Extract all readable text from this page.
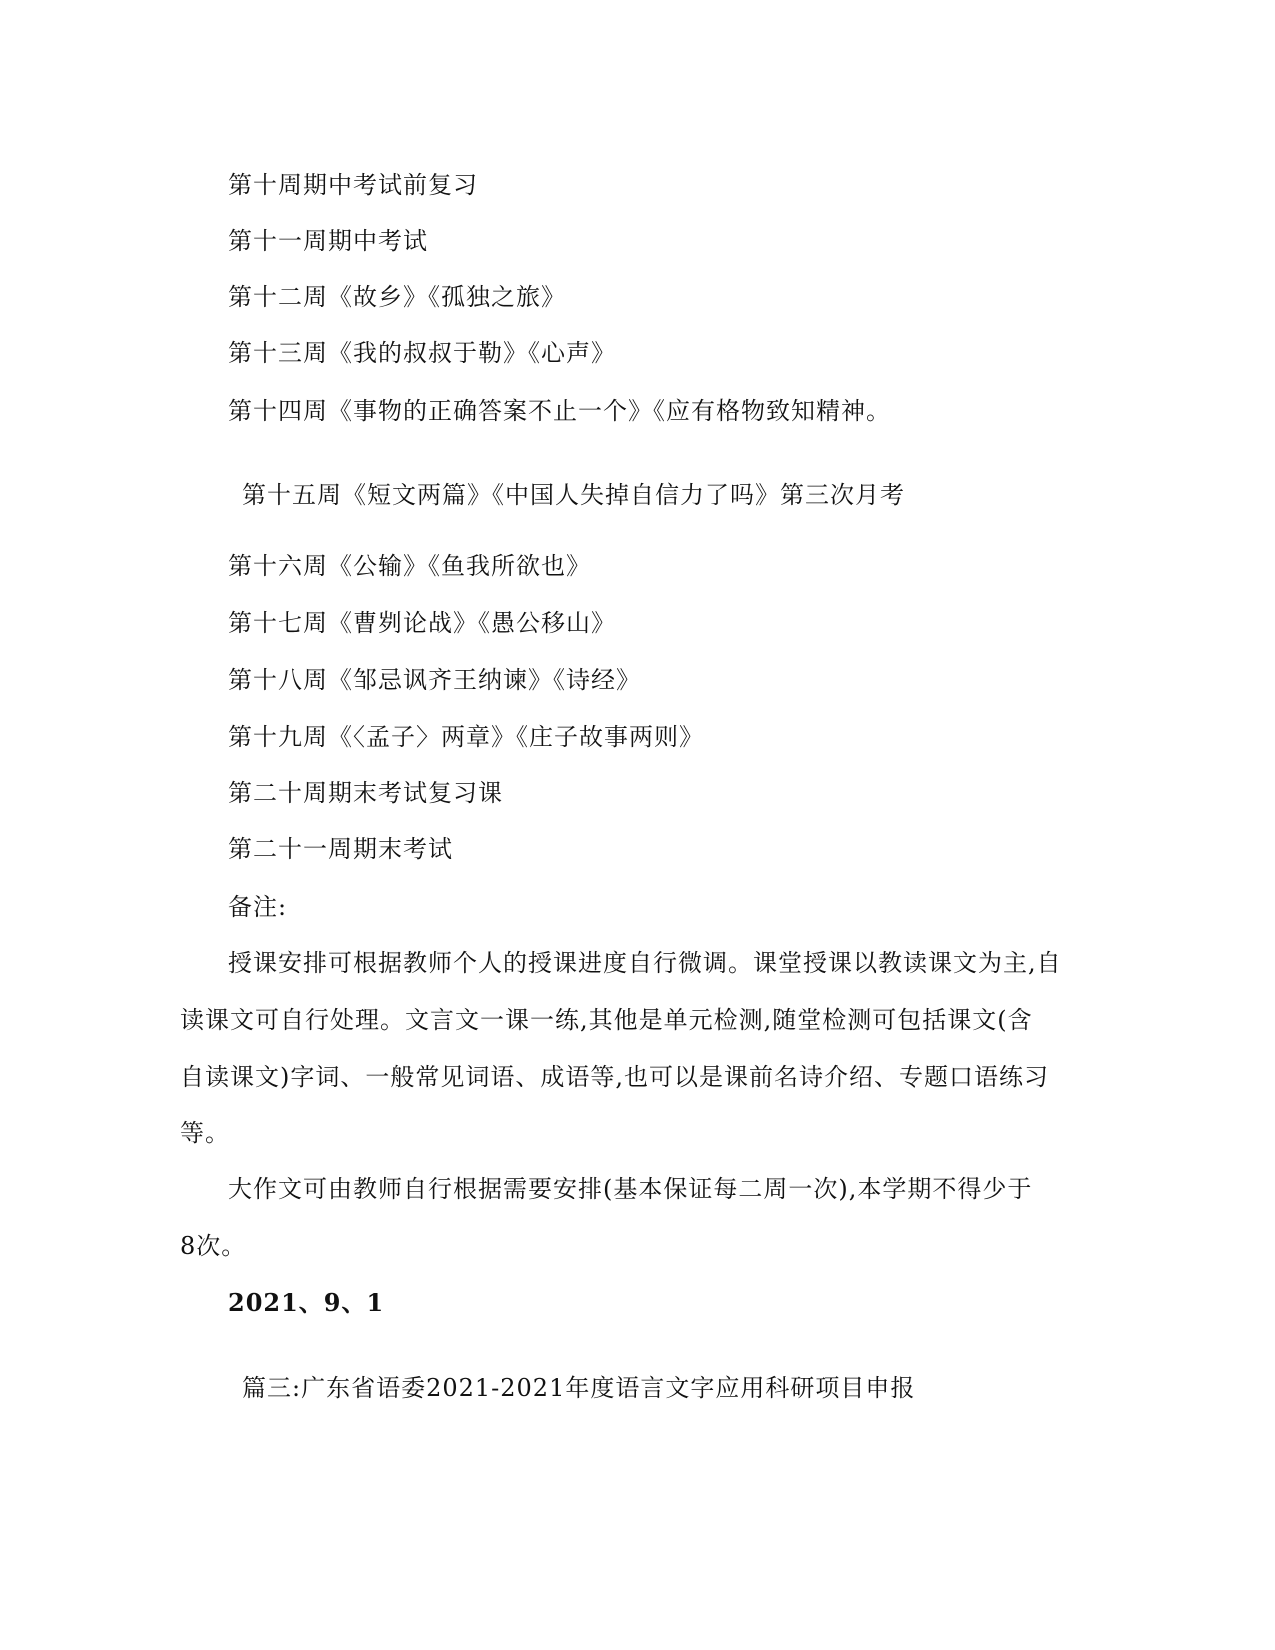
第十周期中考试前复习
第十一周期中考试
第十二周《故乡》《孤独之旅》
第十三周《我的叔叔于勒》《心声》
第十四周《事物的正确答案不止一个》《应有格物致知精神。
第十五周《短文两篇》《中国人失掉自信力了吗》第三次月考
第十六周《公输》《鱼我所欲也》
第十七周《曹刿论战》《愚公移山》
第十八周《邹忌讽齐王纳谏》《诗经》
第十九周《〈孟子〉两章》《庄子故事两则》
第二十周期末考试复习课
第二十一周期末考试
备注:
授课安排可根据教师个人的授课进度自行微调。课堂授课以教读课文为主,自
读课文可自行处理。文言文一课一练,其他是单元检测,随堂检测可包括课文(含
自读课文)字词、一般常见词语、成语等,也可以是课前名诗介绍、专题口语练习
等。
大作文可由教师自行根据需要安排(基本保证每二周一次),本学期不得少于
8次。
2021、9、1
篇三:广东省语委2021-2021年度语言文字应用科研项目申报
